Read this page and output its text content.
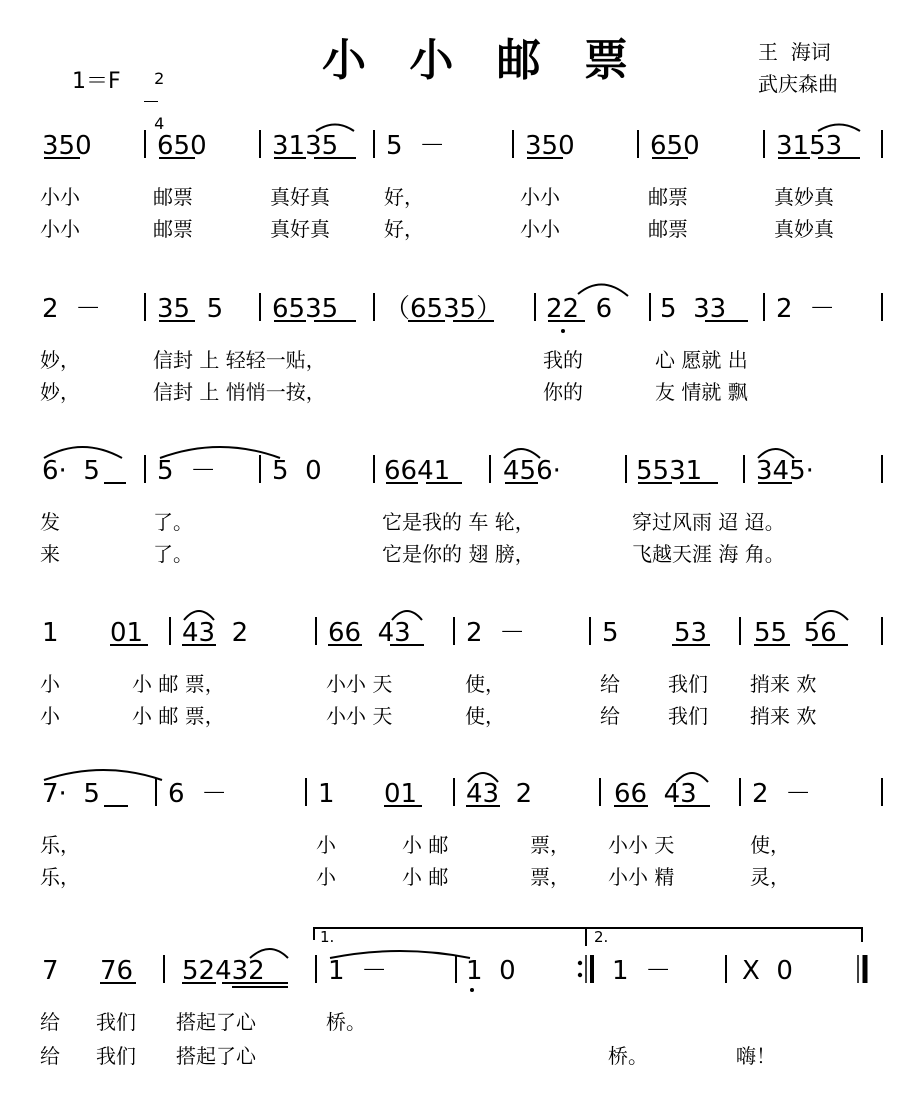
小 小 邮 票
1＝F	2

4

王  海词
武庆森曲
350	650	3135 5  －	350	650	3153
小小	邮票	真好真	好，	小小	邮票	真妙真
小小	邮票	真好真	好，	小小	邮票	真妙真
2  － 35  5 6535 （6535） 22  6 5  33 2  －
妙，	信封 上 轻轻一贴，	我的	心 愿就 出
妙，	信封 上 悄悄一按，	你的	友 情就 飘
6·  5 5  － 5  0 6641 456·	5531 345·
发	了。	它是我的 车 轮，	穿过风雨 迢 迢。
来	了。	它是你的 翅 膀，	飞越天涯 海 角。
1 01 43  2	66  43 2  －	5 53 55  56
小	小 邮 票，	小小 天	使，	给 我们 捎来 欢
小	小 邮 票，	小小 天	使，	给 我们 捎来 欢
7·  5	6  －	1 01 43  2	66  43 2  －
乐，	小	小 邮	票， 小小 天	使，
乐，	小	小 邮	票， 小小 精	灵，
1.	2.
7 76 52432 1  －	1  0	1  －	X  0
给 我们 搭起了心	桥。
给 我们 搭起了心	桥。	嗨！
